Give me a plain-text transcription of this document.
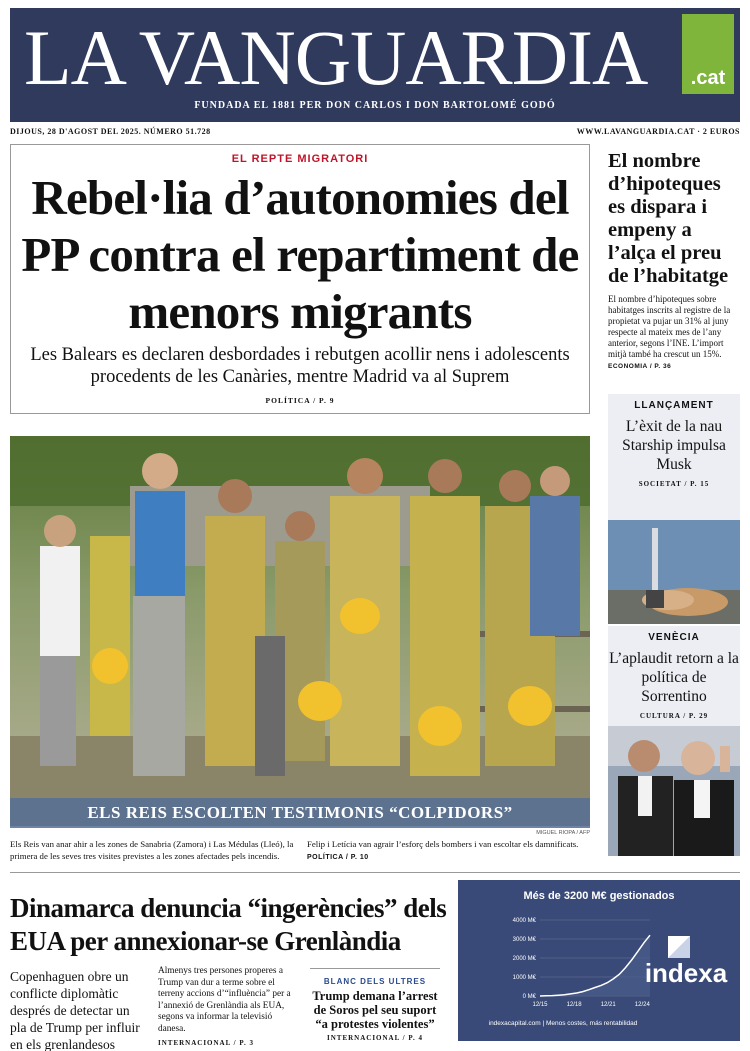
LA VANGUARDIA	.cat
FUNDADA EL 1881 PER DON CARLOS I DON BARTOLOMÉ GODÓ
DIJOUS, 28 D'AGOST DEL 2025. NÚMERO 51.728	WWW.LAVANGUARDIA.CAT · 2 EUROS
EL REPTE MIGRATORI
Rebel·lia d’autonomies del PP contra el repartiment de menors migrants
Les Balears es declaren desbordades i rebutgen acollir nens i adolescents procedents de les Canàries, mentre Madrid va al Suprem
POLÍTICA / P. 9
ELS REIS ESCOLTEN TESTIMONIS “COLPIDORS”
MIGUEL RIOPA / AFP
Els Reis van anar ahir a les zones de Sanabria (Zamora) i Las Médulas (Lleó), la primera de les seves tres visites previstes a les zones afectades pels incendis. Felip i Letícia van agrair l’esforç dels bombers i van escoltar els damnificats. POLÍTICA / P. 10
El nombre d’hipoteques es dispara i empeny a l’alça el preu de l’habitatge

El nombre d’hipoteques sobre habitatges inscrits al registre de la propietat va pujar un 31% al juny respecte al mateix mes de l’any anterior, segons l’INE. L’import mitjà també ha crescut un 15%. ECONOMIA / P. 36

LLANÇAMENT
L’èxit de la nau Starship impulsa Musk
SOCIETAT / P. 15
VENÈCIA
L’aplaudit retorn a la política de Sorrentino
CULTURA / P. 29
Dinamarca denuncia “ingerències” dels EUA per annexionar-se Grenlàndia
Copenhaguen obre un conflicte diplomàtic després de detectar un pla de Trump per influir en els grenlandesos
Almenys tres persones properes a Trump van dur a terme sobre el terreny accions d’“influència” per a l’annexió de Grenlàndia als EUA, segons va informar la televisió danesa.
INTERNACIONAL / P. 3
BLANC DELS ULTRES
Trump demana l’arrest de Soros pel seu suport “a protestes violentes”
INTERNACIONAL / P. 4
Més de 3200 M€ gestionados
0 M€
1000 M€
2000 M€
3000 M€
4000 M€
12/15	12/18	12/21	12/24
indexa
indexacapital.com | Menos costes, más rentabilidad
